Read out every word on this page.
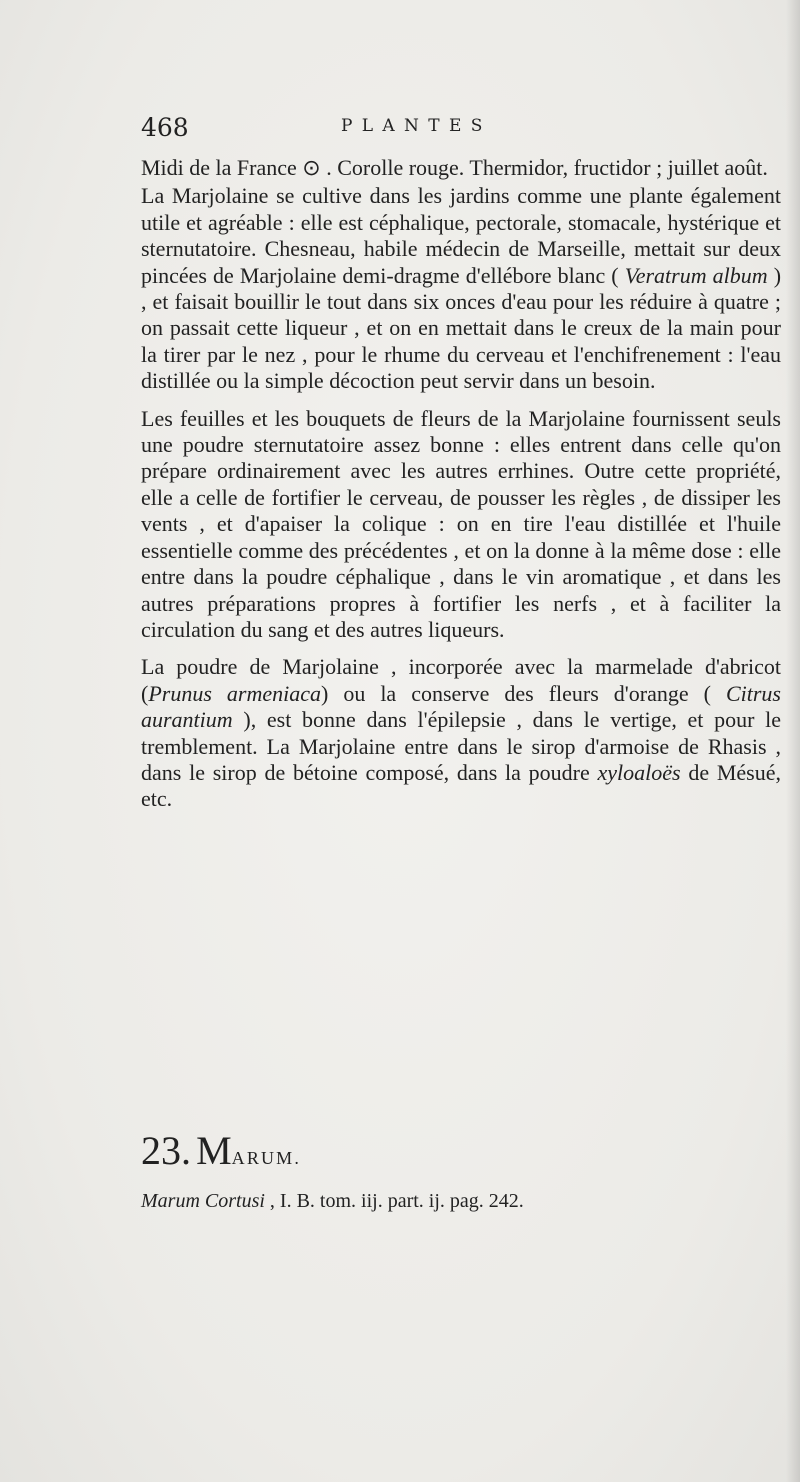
468	PLANTES

Midi de la France ⊙ . Corolle rouge. Thermidor, fructidor ; juillet août.

La Marjolaine se cultive dans les jardins comme une plante également utile et agréable : elle est céphalique, pectorale, stomacale, hystérique et sternutatoire. Chesneau, habile médecin de Marseille, mettait sur deux pincées de Marjolaine demi-dragme d'ellébore blanc ( Veratrum album ) , et faisait bouillir le tout dans six onces d'eau pour les réduire à quatre ; on passait cette liqueur , et on en mettait dans le creux de la main pour la tirer par le nez , pour le rhume du cerveau et l'enchifrenement : l'eau distillée ou la simple décoction peut servir dans un besoin.

Les feuilles et les bouquets de fleurs de la Marjolaine fournissent seuls une poudre sternutatoire assez bonne : elles entrent dans celle qu'on prépare ordinairement avec les autres errhines. Outre cette propriété, elle a celle de fortifier le cerveau, de pousser les règles , de dissiper les vents , et d'apaiser la colique : on en tire l'eau distillée et l'huile essentielle comme des précédentes , et on la donne à la même dose : elle entre dans la poudre céphalique , dans le vin aromatique , et dans les autres préparations propres à fortifier les nerfs , et à faciliter la circulation du sang et des autres liqueurs.

La poudre de Marjolaine , incorporée avec la marmelade d'abricot (Prunus armeniaca) ou la conserve des fleurs d'orange ( Citrus aurantium ), est bonne dans l'épilepsie , dans le vertige, et pour le tremblement. La Marjolaine entre dans le sirop d'armoise de Rhasis , dans le sirop de bétoine composé, dans la poudre xyloaloës de Mésué, etc.

23. MARUM.
Marum Cortusi , I. B. tom. iij. part. ij. pag. 242.
